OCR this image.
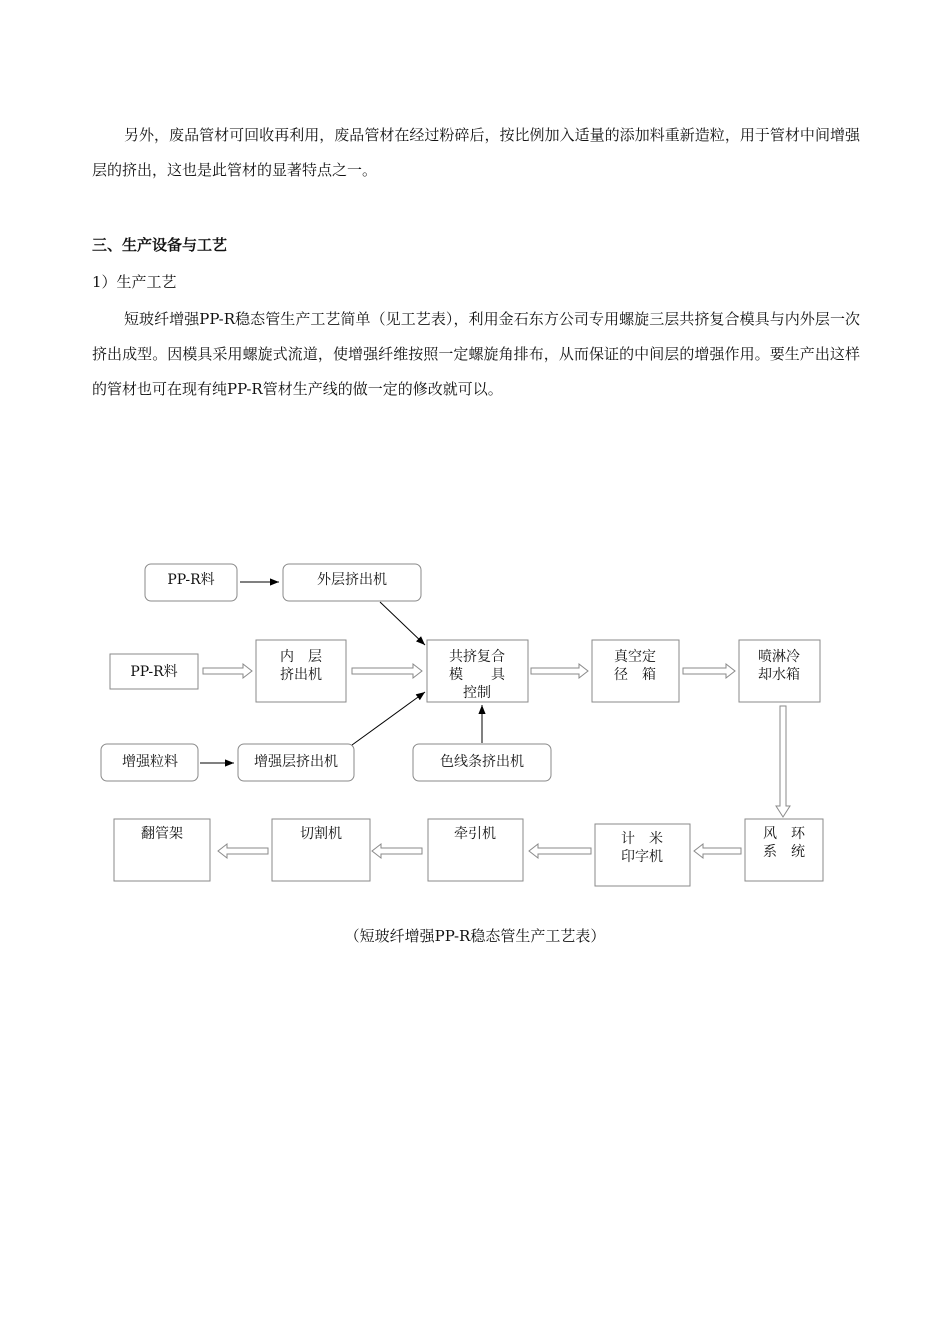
另外，废品管材可回收再利用，废品管材在经过粉碎后，按比例加入适量的添加料重新造粒，用于管材中间增强层的挤出，这也是此管材的显著特点之一。

三、生产设备与工艺

1）生产工艺

短玻纤增强PP-R稳态管生产工艺简单（见工艺表），利用金石东方公司专用螺旋三层共挤复合模具与内外层一次挤出成型。因模具采用螺旋式流道，使增强纤维按照一定螺旋角排布，从而保证的中间层的增强作用。要生产出这样的管材也可在现有纯PP-R管材生产线的做一定的修改就可以。

PP-R料	外层挤出机
PP-R料
内　层
挤出机
共挤复合
模　　具
控制
真空定
径　箱
喷淋冷
却水箱
增强粒料	增强层挤出机	色线条挤出机
翻管架	切割机	牵引机	计　米
印字机
风　环
系　统

（短玻纤增强PP-R稳态管生产工艺表）
